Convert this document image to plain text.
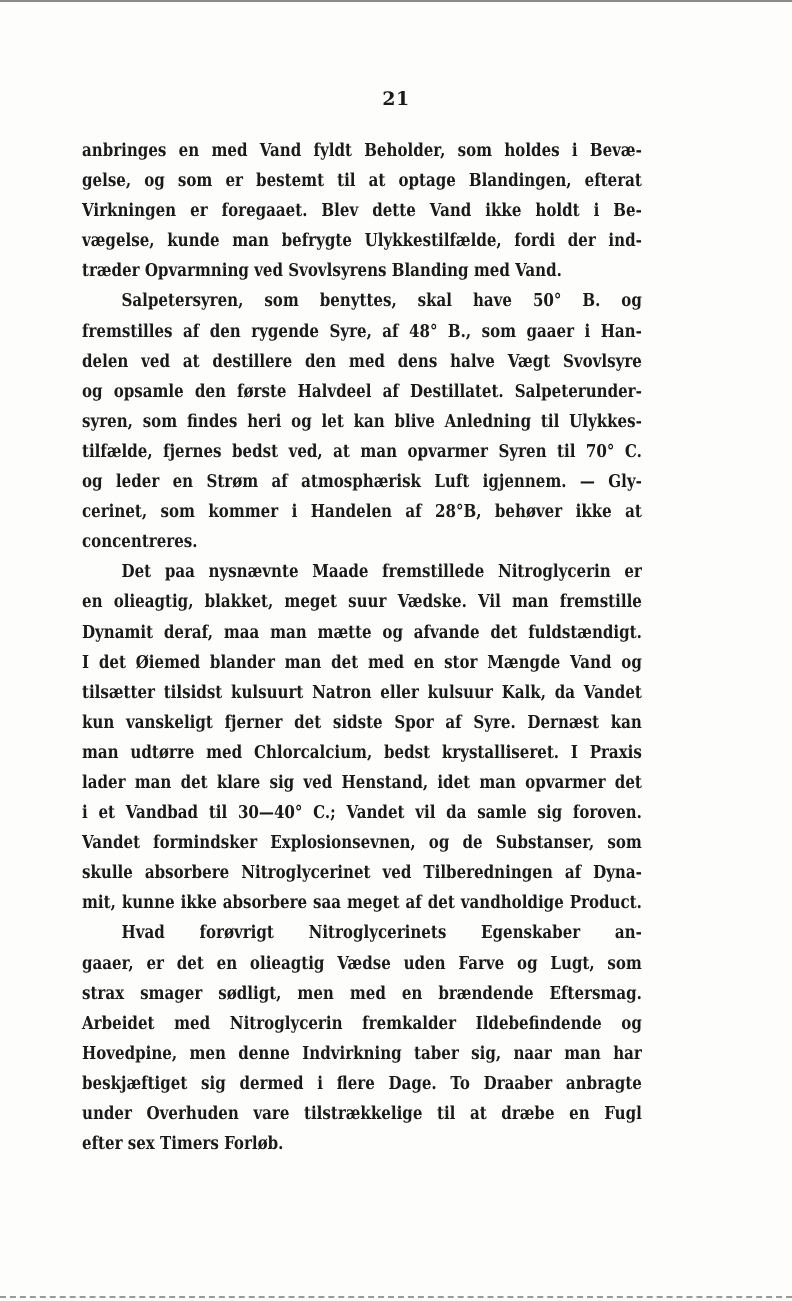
21
anbringes en med Vand fyldt Beholder, som holdes i Bevæ-
gelse, og som er bestemt til at optage Blandingen, efterat
Virkningen er foregaaet. Blev dette Vand ikke holdt i Be-
vægelse, kunde man befrygte Ulykkestilfælde, fordi der ind-
træder Opvarmning ved Svovlsyrens Blanding med Vand.
Salpetersyren, som benyttes, skal have 50° B. og
fremstilles af den rygende Syre, af 48° B., som gaaer i Han-
delen ved at destillere den med dens halve Vægt Svovlsyre
og opsamle den første Halvdeel af Destillatet. Salpeterunder-
syren, som findes heri og let kan blive Anledning til Ulykkes-
tilfælde, fjernes bedst ved, at man opvarmer Syren til 70° C.
og leder en Strøm af atmosphærisk Luft igjennem. — Gly-
cerinet, som kommer i Handelen af 28°B, behøver ikke at
concentreres.
Det paa nysnævnte Maade fremstillede Nitroglycerin er
en olieagtig, blakket, meget suur Vædske. Vil man fremstille
Dynamit deraf, maa man mætte og afvande det fuldstændigt.
I det Øiemed blander man det med en stor Mængde Vand og
tilsætter tilsidst kulsuurt Natron eller kulsuur Kalk, da Vandet
kun vanskeligt fjerner det sidste Spor af Syre. Dernæst kan
man udtørre med Chlorcalcium, bedst krystalliseret. I Praxis
lader man det klare sig ved Henstand, idet man opvarmer det
i et Vandbad til 30—40° C.; Vandet vil da samle sig foroven.
Vandet formindsker Explosionsevnen, og de Substanser, som
skulle absorbere Nitroglycerinet ved Tilberedningen af Dyna-
mit, kunne ikke absorbere saa meget af det vandholdige Product.
Hvad forøvrigt Nitroglycerinets Egenskaber an-
gaaer, er det en olieagtig Vædse uden Farve og Lugt, som
strax smager sødligt, men med en brændende Eftersmag.
Arbeidet med Nitroglycerin fremkalder Ildebefindende og
Hovedpine, men denne Indvirkning taber sig, naar man har
beskjæftiget sig dermed i flere Dage. To Draaber anbragte
under Overhuden vare tilstrækkelige til at dræbe en Fugl
efter sex Timers Forløb.
